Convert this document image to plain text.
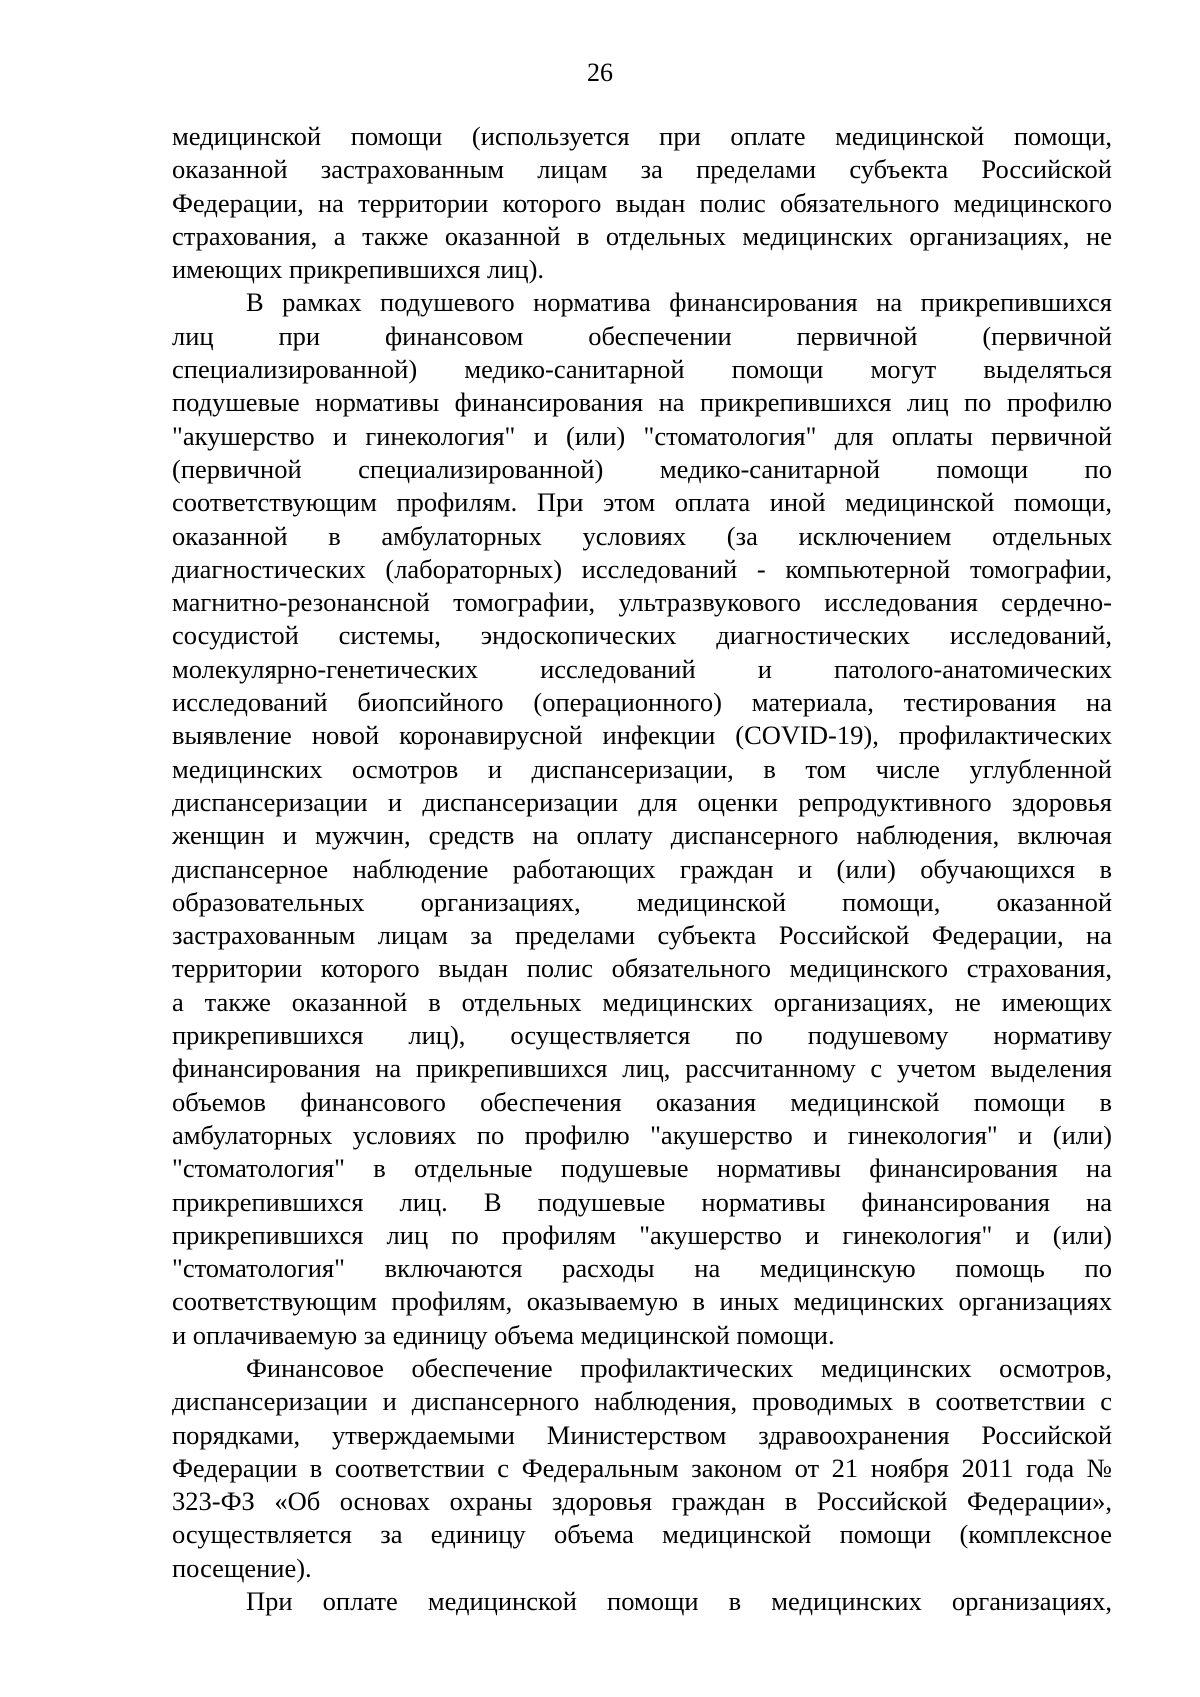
26
медицинской помощи (используется при оплате медицинской помощи,
оказанной застрахованным лицам за пределами субъекта Российской
Федерации, на территории которого выдан полис обязательного медицинского
страхования, а также оказанной в отдельных медицинских организациях, не
имеющих прикрепившихся лиц).
В рамках подушевого норматива финансирования на прикрепившихся
лиц при финансовом обеспечении первичной (первичной
специализированной) медико-санитарной помощи могут выделяться
подушевые нормативы финансирования на прикрепившихся лиц по профилю
"акушерство и гинекология" и (или) "стоматология" для оплаты первичной
(первичной специализированной) медико-санитарной помощи по
соответствующим профилям. При этом оплата иной медицинской помощи,
оказанной в амбулаторных условиях (за исключением отдельных
диагностических (лабораторных) исследований - компьютерной томографии,
магнитно-резонансной томографии, ультразвукового исследования сердечно-
сосудистой системы, эндоскопических диагностических исследований,
молекулярно-генетических исследований и патолого-анатомических
исследований биопсийного (операционного) материала, тестирования на
выявление новой коронавирусной инфекции (COVID-19), профилактических
медицинских осмотров и диспансеризации, в том числе углубленной
диспансеризации и диспансеризации для оценки репродуктивного здоровья
женщин и мужчин, средств на оплату диспансерного наблюдения, включая
диспансерное наблюдение работающих граждан и (или) обучающихся в
образовательных организациях, медицинской помощи, оказанной
застрахованным лицам за пределами субъекта Российской Федерации, на
территории которого выдан полис обязательного медицинского страхования,
а также оказанной в отдельных медицинских организациях, не имеющих
прикрепившихся лиц), осуществляется по подушевому нормативу
финансирования на прикрепившихся лиц, рассчитанному с учетом выделения
объемов финансового обеспечения оказания медицинской помощи в
амбулаторных условиях по профилю "акушерство и гинекология" и (или)
"стоматология" в отдельные подушевые нормативы финансирования на
прикрепившихся лиц. В подушевые нормативы финансирования на
прикрепившихся лиц по профилям "акушерство и гинекология" и (или)
"стоматология" включаются расходы на медицинскую помощь по
соответствующим профилям, оказываемую в иных медицинских организациях
и оплачиваемую за единицу объема медицинской помощи.
Финансовое обеспечение профилактических медицинских осмотров,
диспансеризации и диспансерного наблюдения, проводимых в соответствии с
порядками, утверждаемыми Министерством здравоохранения Российской
Федерации в соответствии с Федеральным законом от 21 ноября 2011 года №
323-ФЗ «Об основах охраны здоровья граждан в Российской Федерации»,
осуществляется за единицу объема медицинской помощи (комплексное
посещение).
При оплате медицинской помощи в медицинских организациях,
